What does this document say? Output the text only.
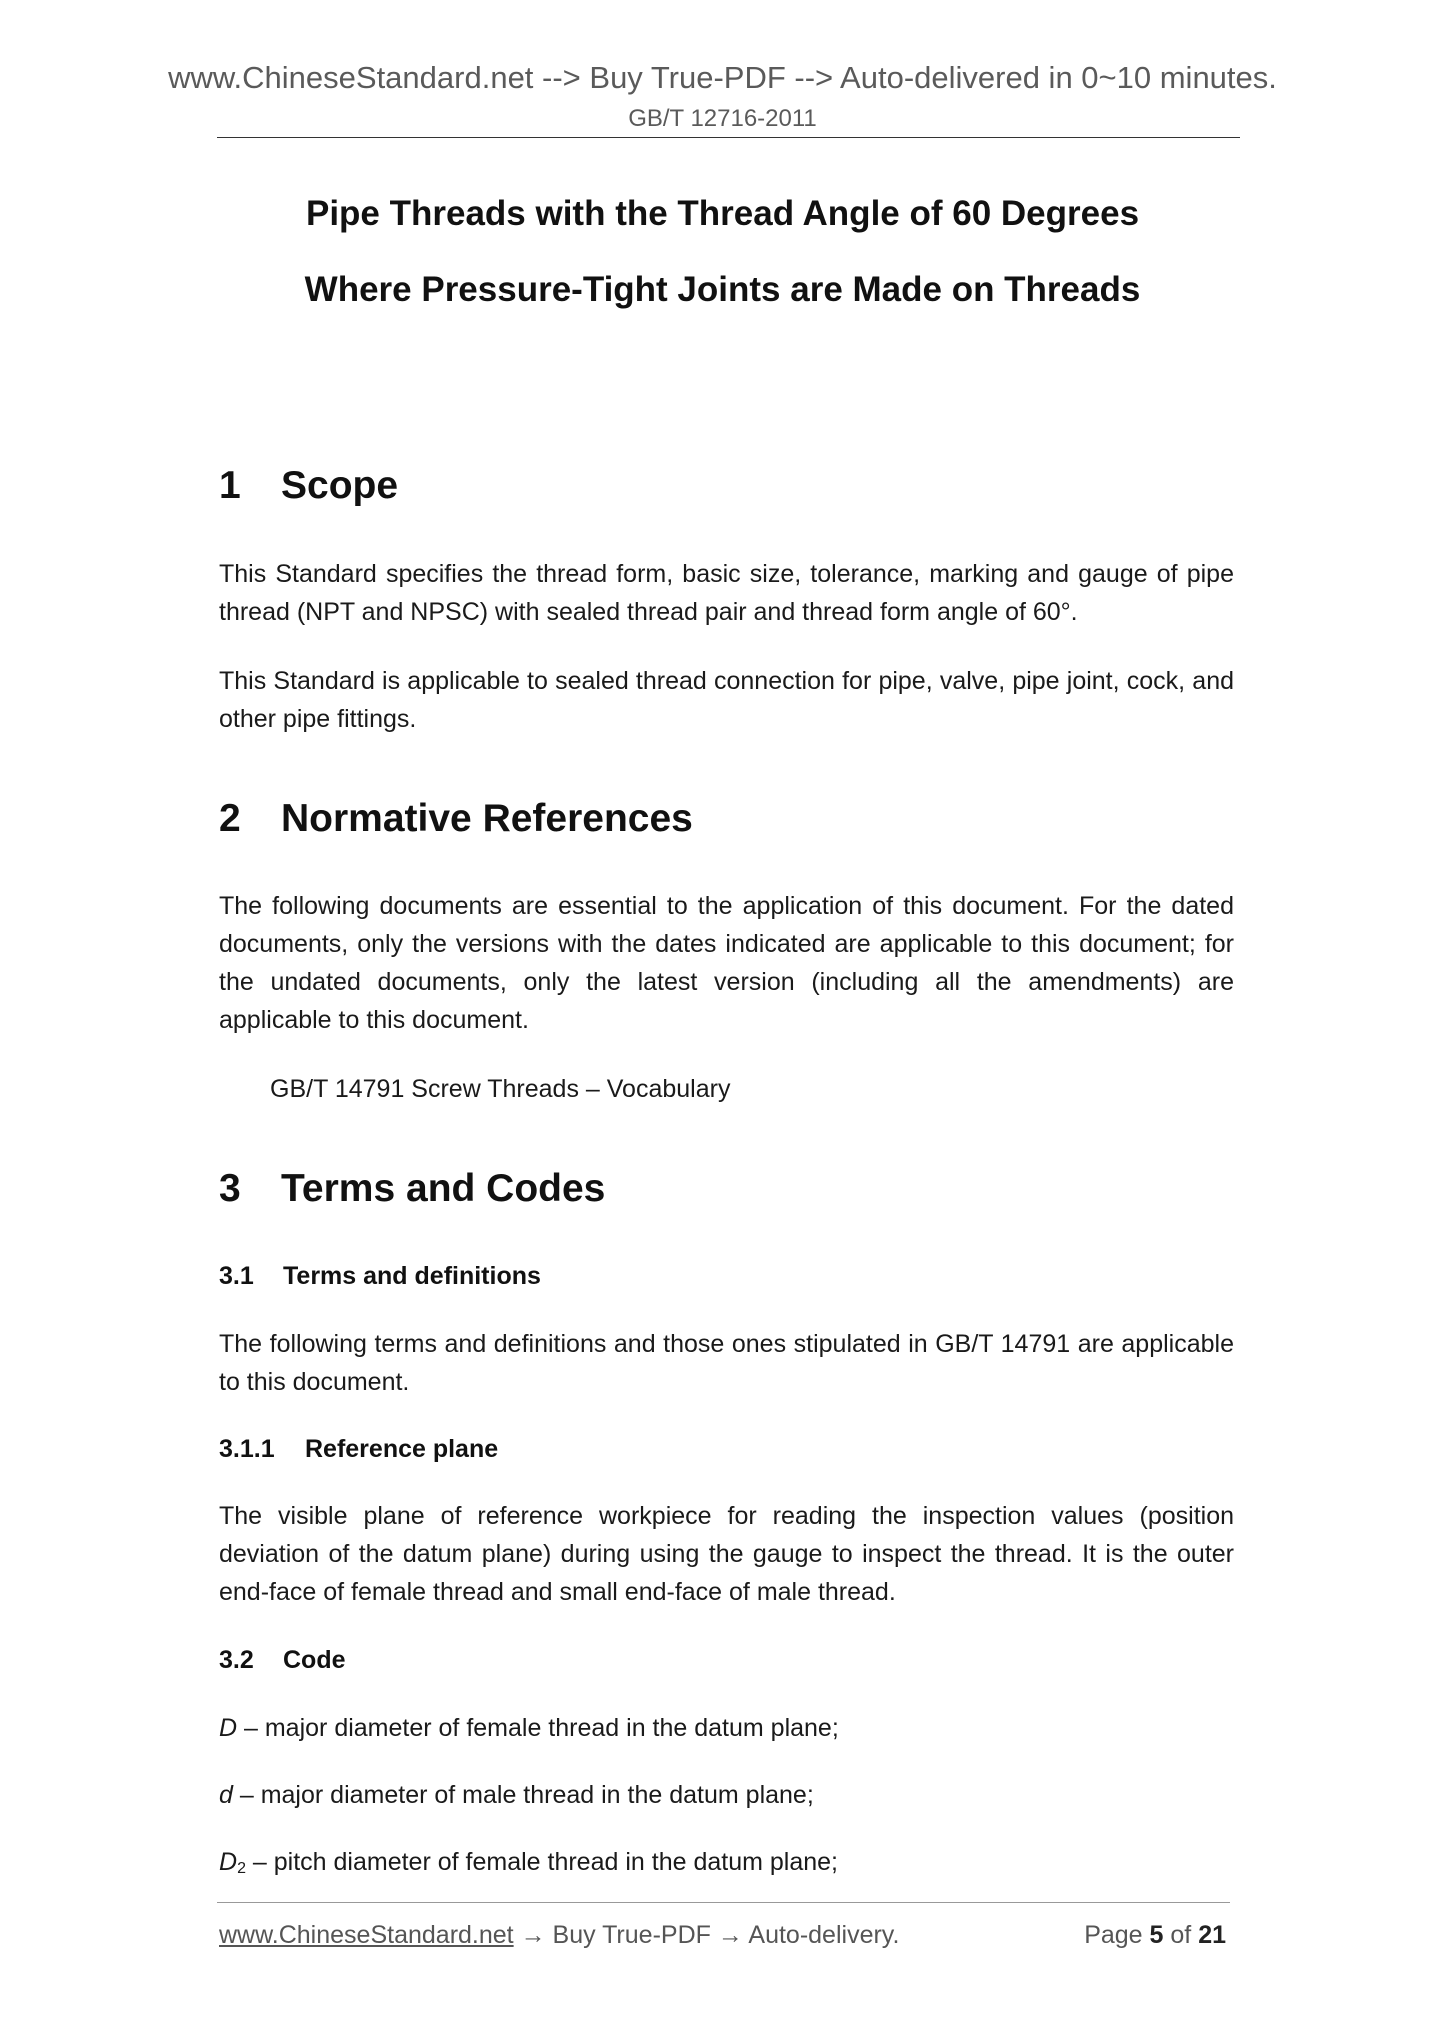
www.ChineseStandard.net --> Buy True-PDF --> Auto-delivered in 0~10 minutes.
GB/T 12716-2011
Pipe Threads with the Thread Angle of 60 Degrees
Where Pressure-Tight Joints are Made on Threads
1 Scope
This Standard specifies the thread form, basic size, tolerance, marking and gauge of pipe thread (NPT and NPSC) with sealed thread pair and thread form angle of 60°.
This Standard is applicable to sealed thread connection for pipe, valve, pipe joint, cock, and other pipe fittings.
2 Normative References
The following documents are essential to the application of this document. For the dated documents, only the versions with the dates indicated are applicable to this document; for the undated documents, only the latest version (including all the amendments) are applicable to this document.
GB/T 14791 Screw Threads – Vocabulary
3 Terms and Codes
3.1 Terms and definitions
The following terms and definitions and those ones stipulated in GB/T 14791 are applicable to this document.
3.1.1 Reference plane
The visible plane of reference workpiece for reading the inspection values (position deviation of the datum plane) during using the gauge to inspect the thread. It is the outer end-face of female thread and small end-face of male thread.
3.2 Code
D – major diameter of female thread in the datum plane;
d – major diameter of male thread in the datum plane;
$D_2$ – pitch diameter of female thread in the datum plane;
www.ChineseStandard.net → Buy True-PDF → Auto-delivery.	Page 5 of 21
